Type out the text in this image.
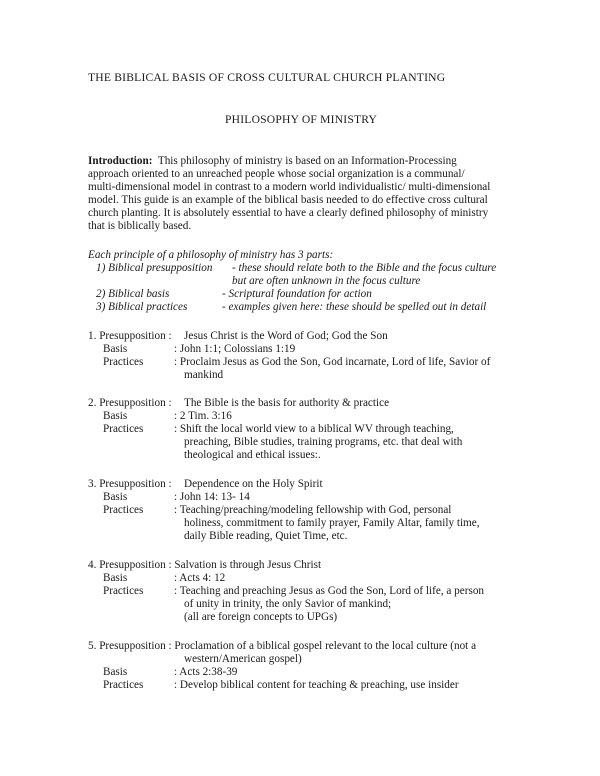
THE BIBLICAL BASIS OF CROSS CULTURAL CHURCH PLANTING
PHILOSOPHY OF MINISTRY
Introduction: This philosophy of ministry is based on an Information-Processing
approach oriented to an unreached people whose social organization is a communal/
multi-dimensional model in contrast to a modern world individualistic/ multi-dimensional
model. This guide is an example of the biblical basis needed to do effective cross cultural
church planting. It is absolutely essential to have a clearly defined philosophy of ministry
that is biblically based.
Each principle of a philosophy of ministry has 3 parts:
1) Biblical presupposition - these should relate both to the Bible and the focus culture
but are often unknown in the focus culture
2) Biblical basis	- Scriptural foundation for action
3) Biblical practices	- examples given here: these should be spelled out in detail
1. Presupposition : Jesus Christ is the Word of God; God the Son
Basis	: John 1:1; Colossians 1:19
Practices	: Proclaim Jesus as God the Son, God incarnate, Lord of life, Savior of
mankind
2. Presupposition : The Bible is the basis for authority & practice
Basis	: 2 Tim. 3:16
Practices	: Shift the local world view to a biblical WV through teaching,
preaching, Bible studies, training programs, etc. that deal with
theological and ethical issues:.
3. Presupposition : Dependence on the Holy Spirit
Basis	: John 14: 13- 14
Practices	: Teaching/preaching/modeling fellowship with God, personal
holiness, commitment to family prayer, Family Altar, family time,
daily Bible reading, Quiet Time, etc.
4. Presupposition : Salvation is through Jesus Christ
Basis	: Acts 4: 12
Practices	: Teaching and preaching Jesus as God the Son, Lord of life, a person
of unity in trinity, the only Savior of mankind;
(all are foreign concepts to UPGs)
5. Presupposition : Proclamation of a biblical gospel relevant to the local culture (not a
western/American gospel)
Basis	: Acts 2:38-39
Practices	: Develop biblical content for teaching & preaching, use insider
